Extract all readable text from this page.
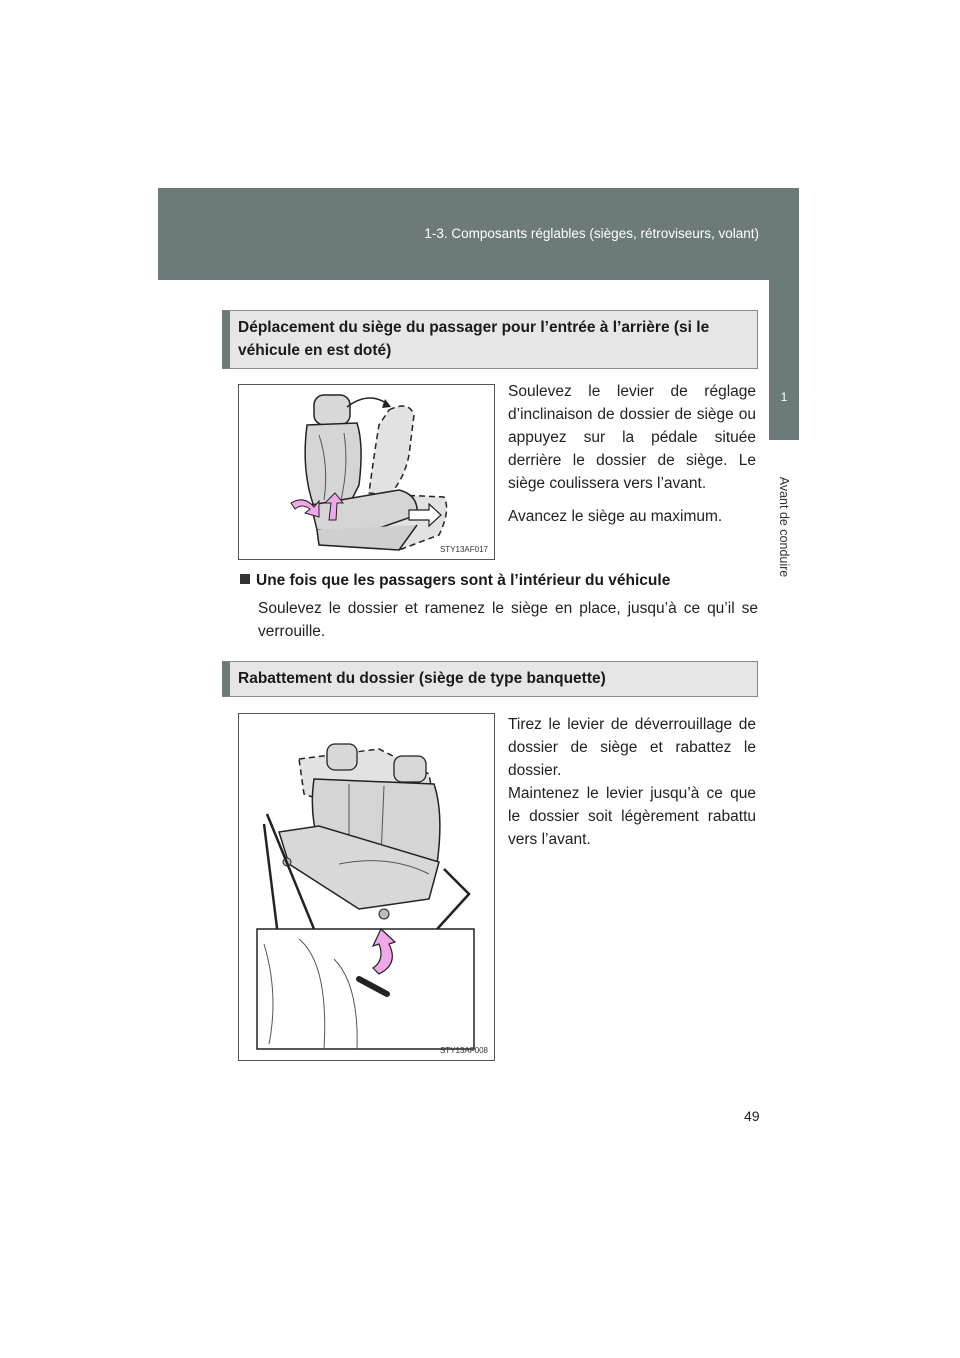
1-3. Composants réglables (sièges, rétroviseurs, volant)
1
Avant de conduire
Déplacement du siège du passager pour l’entrée à l’arrière (si le véhicule en est doté)
STY13AF017

Soulevez le levier de réglage d’inclinaison de dossier de siège ou appuyez sur la pédale située derrière le dossier de siège. Le siège coulissera vers l’avant.

Avancez le siège au maximum.

Une fois que les passagers sont à l’intérieur du véhicule
Soulevez le dossier et ramenez le siège en place, jusqu’à ce qu’il se verrouille.
Rabattement du dossier (siège de type banquette)
STY13AF008

Tirez le levier de déverrouillage de dossier de siège et rabattez le dossier.

Maintenez le levier jusqu’à ce que le dossier soit légèrement rabattu vers l’avant.

49
